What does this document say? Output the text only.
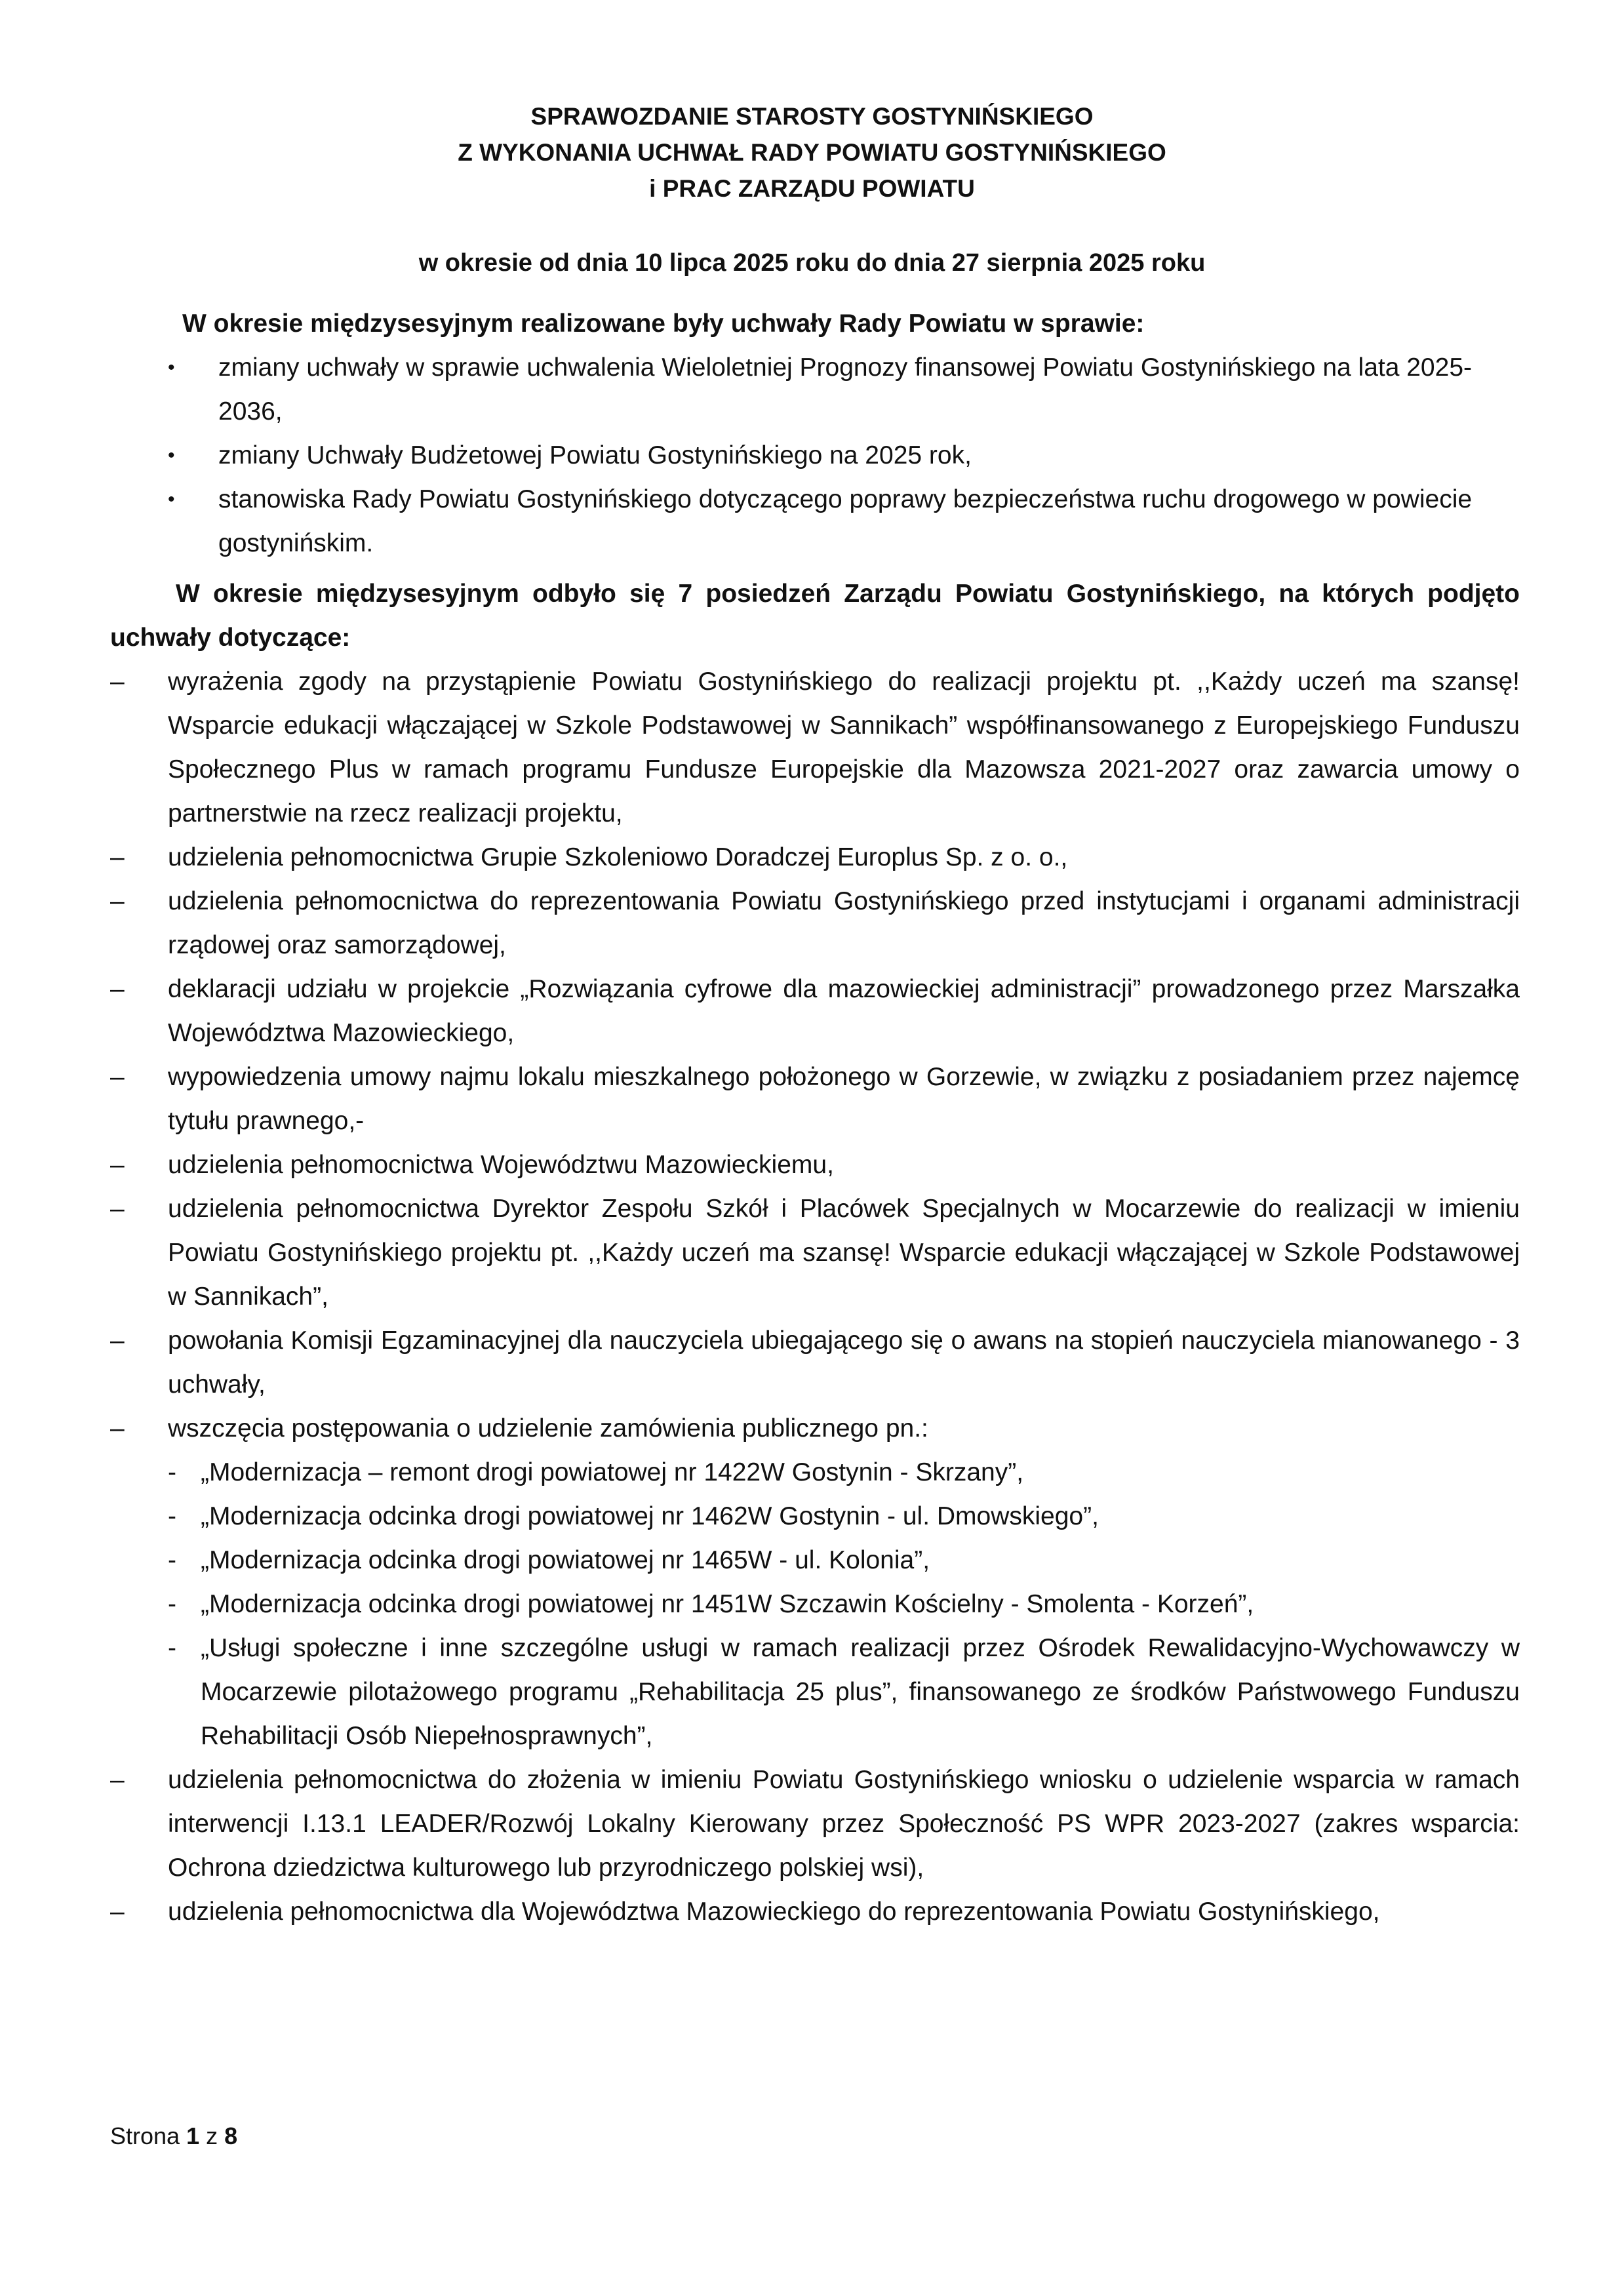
SPRAWOZDANIE STAROSTY GOSTYNIŃSKIEGO
Z WYKONANIA UCHWAŁ RADY POWIATU GOSTYNIŃSKIEGO
i PRAC ZARZĄDU POWIATU
w okresie od dnia 10 lipca 2025 roku do dnia 27 sierpnia 2025 roku

W okresie międzysesyjnym realizowane były uchwały Rady Powiatu w sprawie:

• zmiany uchwały w sprawie uchwalenia Wieloletniej Prognozy finansowej Powiatu Gostynińskiego na lata 2025-2036,
• zmiany Uchwały Budżetowej Powiatu Gostynińskiego na 2025 rok,
• stanowiska Rady Powiatu Gostynińskiego dotyczącego poprawy bezpieczeństwa ruchu drogowego w powiecie gostynińskim.

W okresie międzysesyjnym odbyło się 7 posiedzeń Zarządu Powiatu Gostynińskiego, na których podjęto uchwały dotyczące:

– wyrażenia zgody na przystąpienie Powiatu Gostynińskiego do realizacji projektu pt. ,,Każdy uczeń ma szansę! Wsparcie edukacji włączającej w Szkole Podstawowej w Sannikach” współfinansowanego z Europejskiego Funduszu Społecznego Plus w ramach programu Fundusze Europejskie dla Mazowsza 2021-2027 oraz zawarcia umowy o partnerstwie na rzecz realizacji projektu,
– udzielenia pełnomocnictwa Grupie Szkoleniowo Doradczej Europlus Sp. z o. o.,
– udzielenia pełnomocnictwa do reprezentowania Powiatu Gostynińskiego przed instytucjami i organami administracji rządowej oraz samorządowej,
– deklaracji udziału w projekcie „Rozwiązania cyfrowe dla mazowieckiej administracji” prowadzonego przez Marszałka Województwa Mazowieckiego,
– wypowiedzenia umowy najmu lokalu mieszkalnego położonego w Gorzewie, w związku z posiadaniem przez najemcę tytułu prawnego,-
– udzielenia pełnomocnictwa Województwu Mazowieckiemu,
– udzielenia pełnomocnictwa Dyrektor Zespołu Szkół i Placówek Specjalnych w Mocarzewie do realizacji w imieniu Powiatu Gostynińskiego projektu pt. ,,Każdy uczeń ma szansę! Wsparcie edukacji włączającej w Szkole Podstawowej w Sannikach”,
– powołania Komisji Egzaminacyjnej dla nauczyciela ubiegającego się o awans na stopień nauczyciela mianowanego - 3 uchwały,
– wszczęcia postępowania o udzielenie zamówienia publicznego pn.:
- „Modernizacja – remont drogi powiatowej nr 1422W Gostynin - Skrzany”,
- „Modernizacja odcinka drogi powiatowej nr 1462W Gostynin - ul. Dmowskiego”,
- „Modernizacja odcinka drogi powiatowej nr 1465W - ul. Kolonia”,
- „Modernizacja odcinka drogi powiatowej nr 1451W Szczawin Kościelny - Smolenta - Korzeń”,
- „Usługi społeczne i inne szczególne usługi w ramach realizacji przez Ośrodek Rewalidacyjno-Wychowawczy w Mocarzewie pilotażowego programu „Rehabilitacja 25 plus”, finansowanego ze środków Państwowego Funduszu Rehabilitacji Osób Niepełnosprawnych”,
– udzielenia pełnomocnictwa do złożenia w imieniu Powiatu Gostynińskiego wniosku o udzielenie wsparcia w ramach interwencji I.13.1 LEADER/Rozwój Lokalny Kierowany przez Społeczność PS WPR 2023-2027 (zakres wsparcia: Ochrona dziedzictwa kulturowego lub przyrodniczego polskiej wsi),
– udzielenia pełnomocnictwa dla Województwa Mazowieckiego do reprezentowania Powiatu Gostynińskiego,
Strona 1 z 8
